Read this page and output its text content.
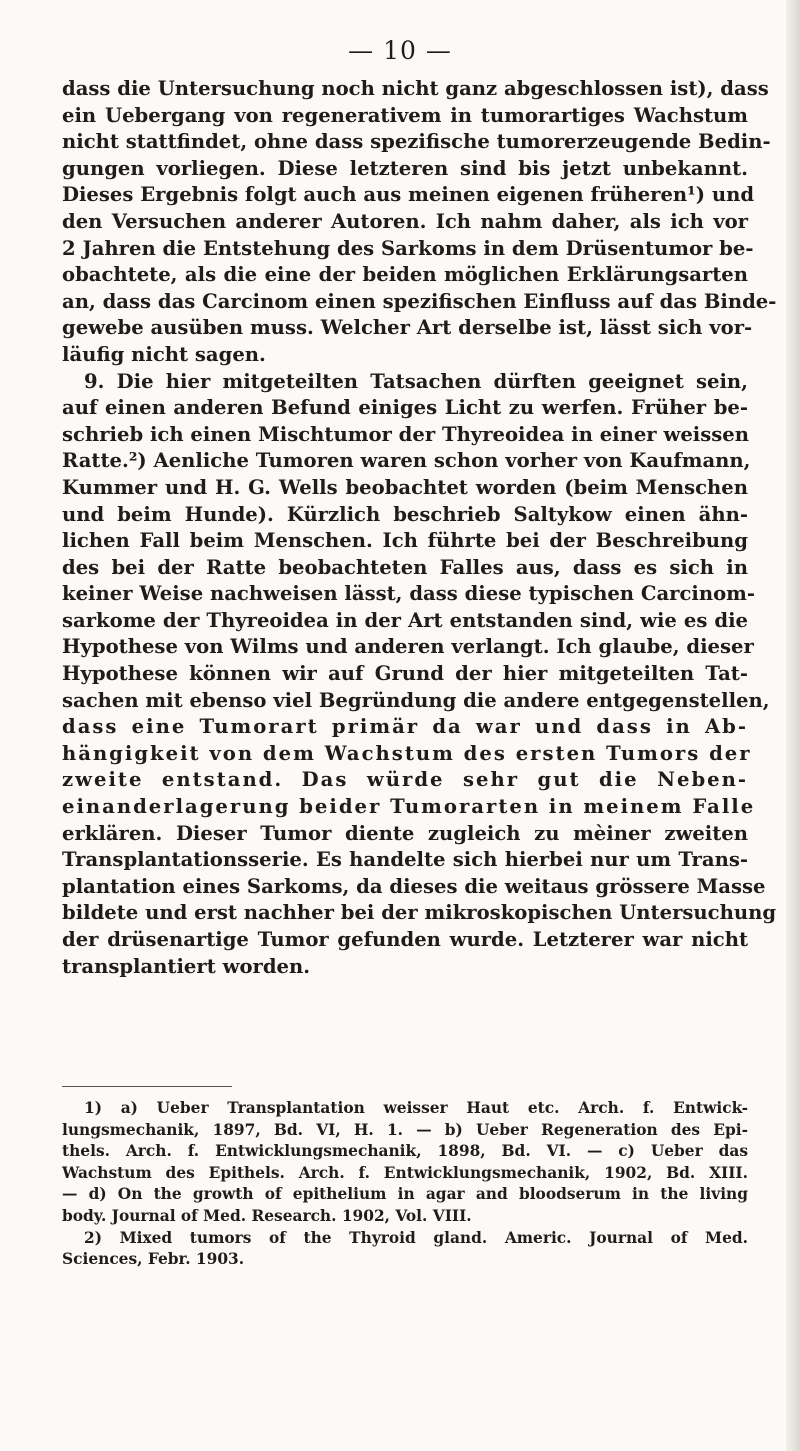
— 10 —
dass die Untersuchung noch nicht ganz abgeschlossen ist), dass
ein Uebergang von regenerativem in tumorartiges Wachstum
nicht stattfindet, ohne dass spezifische tumorerzeugende Bedin-
gungen vorliegen. Diese letzteren sind bis jetzt unbekannt.
Dieses Ergebnis folgt auch aus meinen eigenen früheren¹) und
den Versuchen anderer Autoren. Ich nahm daher, als ich vor
2 Jahren die Entstehung des Sarkoms in dem Drüsentumor be-
obachtete, als die eine der beiden möglichen Erklärungsarten
an, dass das Carcinom einen spezifischen Einfluss auf das Binde-
gewebe ausüben muss. Welcher Art derselbe ist, lässt sich vor-
läufig nicht sagen.
9. Die hier mitgeteilten Tatsachen dürften geeignet sein,
auf einen anderen Befund einiges Licht zu werfen. Früher be-
schrieb ich einen Mischtumor der Thyreoidea in einer weissen
Ratte.²) Aenliche Tumoren waren schon vorher von Kaufmann,
Kummer und H. G. Wells beobachtet worden (beim Menschen
und beim Hunde). Kürzlich beschrieb Saltykow einen ähn-
lichen Fall beim Menschen. Ich führte bei der Beschreibung
des bei der Ratte beobachteten Falles aus, dass es sich in
keiner Weise nachweisen lässt, dass diese typischen Carcinom-
sarkome der Thyreoidea in der Art entstanden sind, wie es die
Hypothese von Wilms und anderen verlangt. Ich glaube, dieser
Hypothese können wir auf Grund der hier mitgeteilten Tat-
sachen mit ebenso viel Begründung die andere entgegenstellen,
dass eine Tumorart primär da war und dass in Ab-
hängigkeit von dem Wachstum des ersten Tumors der
zweite entstand. Das würde sehr gut die Neben-
einanderlagerung beider Tumorarten in meinem Falle
erklären. Dieser Tumor diente zugleich zu mèiner zweiten
Transplantationsserie. Es handelte sich hierbei nur um Trans-
plantation eines Sarkoms, da dieses die weitaus grössere Masse
bildete und erst nachher bei der mikroskopischen Untersuchung
der drüsenartige Tumor gefunden wurde. Letzterer war nicht
transplantiert worden.
1) a) Ueber Transplantation weisser Haut etc. Arch. f. Entwick-
lungsmechanik, 1897, Bd. VI, H. 1. — b) Ueber Regeneration des Epi-
thels. Arch. f. Entwicklungsmechanik, 1898, Bd. VI. — c) Ueber das
Wachstum des Epithels. Arch. f. Entwicklungsmechanik, 1902, Bd. XIII.
— d) On the growth of epithelium in agar and bloodserum in the living
body. Journal of Med. Research. 1902, Vol. VIII.
2) Mixed tumors of the Thyroid gland. Americ. Journal of Med.
Sciences, Febr. 1903.
